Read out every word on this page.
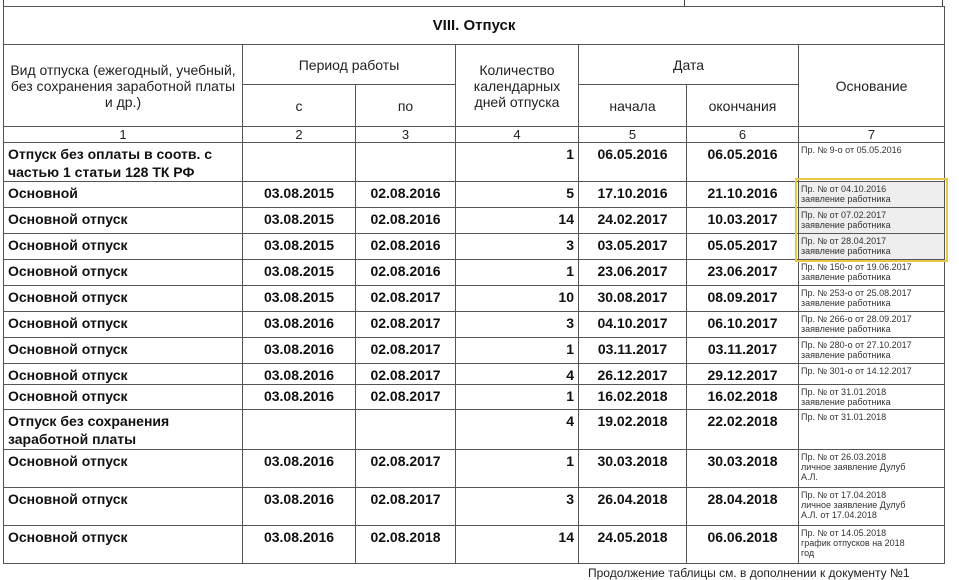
VIII. Отпуск						
Вид отпуска (ежегодный, учебный, без сохранения заработной платы и др.)	Период работы		Количество календарных дней отпуска	Дата		Основание
	с	по		начала	окончания	
1	2	3	4	5	6	7
Отпуск без оплаты в соотв. с частью 1 статьи 128 ТК РФ			1	06.05.2016	06.05.2016	Пр. № 9-о от 05.05.2016
Основной	03.08.2015	02.08.2016	5	17.10.2016	21.10.2016	Пр. № от 04.10.2016
заявление работника
Основной отпуск	03.08.2015	02.08.2016	14	24.02.2017	10.03.2017	Пр. № от 07.02.2017
заявление работника
Основной отпуск	03.08.2015	02.08.2016	3	03.05.2017	05.05.2017	Пр. № от 28.04.2017
заявление работника
Основной отпуск	03.08.2015	02.08.2016	1	23.06.2017	23.06.2017	Пр. № 150-о от 19.06.2017
заявление работника
Основной отпуск	03.08.2015	02.08.2017	10	30.08.2017	08.09.2017	Пр. № 253-о от 25.08.2017
заявление работника
Основной отпуск	03.08.2016	02.08.2017	3	04.10.2017	06.10.2017	Пр. № 266-о от 28.09.2017
заявление работника
Основной отпуск	03.08.2016	02.08.2017	1	03.11.2017	03.11.2017	Пр. № 280-о от 27.10.2017
заявление работника
Основной отпуск	03.08.2016	02.08.2017	4	26.12.2017	29.12.2017	Пр. № 301-о от 14.12.2017
Основной отпуск	03.08.2016	02.08.2017	1	16.02.2018	16.02.2018	Пр. № от 31.01.2018
заявление работника
Отпуск без сохранения заработной платы			4	19.02.2018	22.02.2018	Пр. № от 31.01.2018
Основной отпуск	03.08.2016	02.08.2017	1	30.03.2018	30.03.2018	Пр. № от 26.03.2018
личное заявление Дулуб
А.Л.
Основной отпуск	03.08.2016	02.08.2017	3	26.04.2018	28.04.2018	Пр. № от 17.04.2018
личное заявление Дулуб
А.Л. от 17.04.2018
Основной отпуск	03.08.2016	02.08.2018	14	24.05.2018	06.06.2018	Пр. № от 14.05.2018
график отпусков на 2018
год
Продолжение таблицы см. в дополнении к документу №1
